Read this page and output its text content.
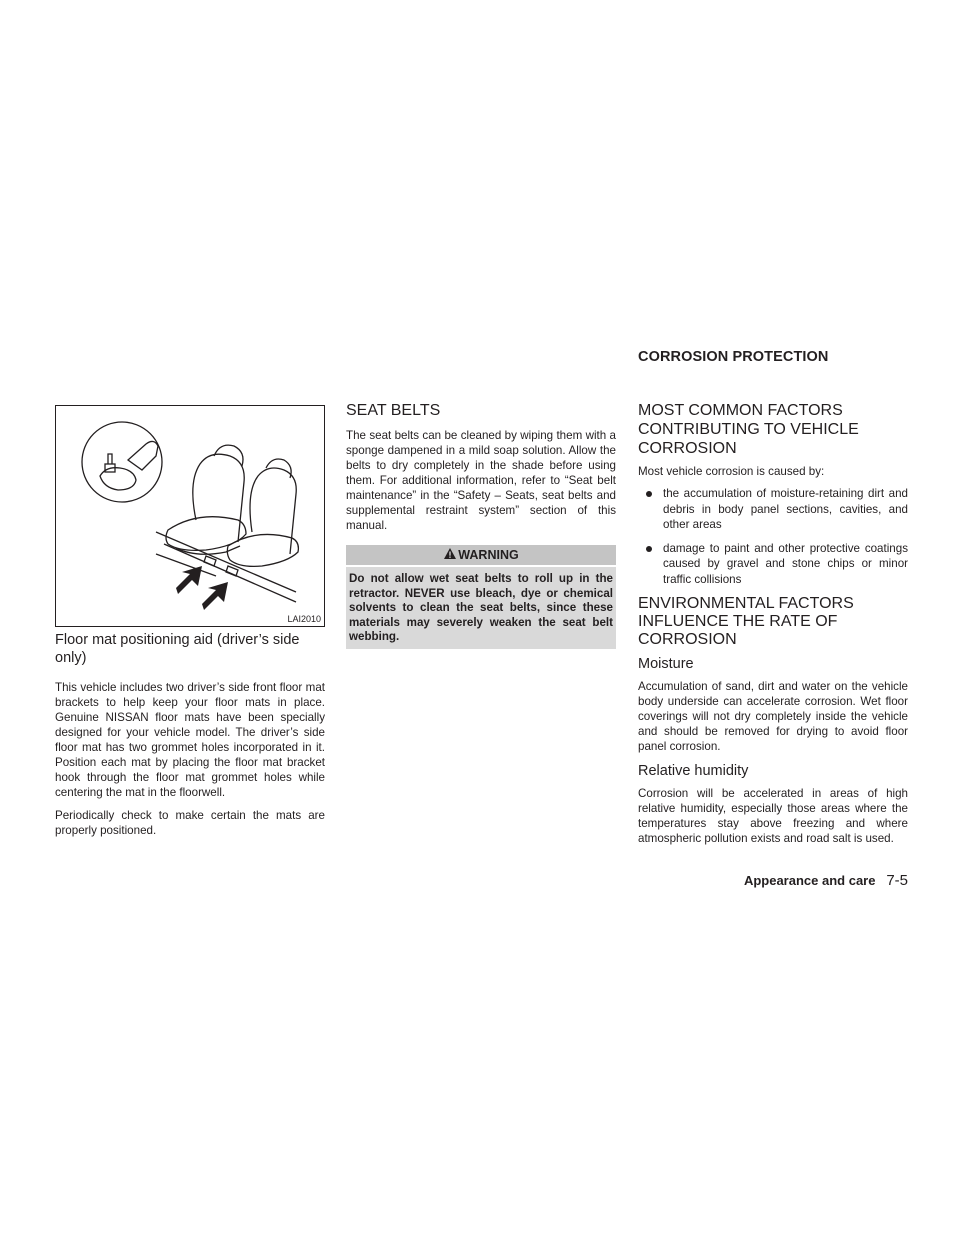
CORROSION PROTECTION
LAI2010
Floor mat positioning aid (driver’s side only)

This vehicle includes two driver’s side front floor mat brackets to help keep your floor mats in place. Genuine NISSAN floor mats have been specially designed for your vehicle model. The driver’s side floor mat has two grommet holes incorporated in it. Position each mat by placing the floor mat bracket hook through the floor mat grommet holes while centering the mat in the floorwell.

Periodically check to make certain the mats are properly positioned.

SEAT BELTS

The seat belts can be cleaned by wiping them with a sponge dampened in a mild soap solution. Allow the belts to dry completely in the shade before using them. For additional information, refer to “Seat belt maintenance” in the “Safety – Seats, seat belts and supplemental restraint system” section of this manual.

WARNING
Do not allow wet seat belts to roll up in the retractor. NEVER use bleach, dye or chemical solvents to clean the seat belts, since these materials may severely weaken the seat belt webbing.
MOST COMMON FACTORS CONTRIBUTING TO VEHICLE CORROSION

Most vehicle corrosion is caused by:

the accumulation of moisture-retaining dirt and debris in body panel sections, cavities, and other areas
damage to paint and other protective coatings caused by gravel and stone chips or minor traffic collisions
ENVIRONMENTAL FACTORS INFLUENCE THE RATE OF CORROSION
Moisture

Accumulation of sand, dirt and water on the vehicle body underside can accelerate corrosion. Wet floor coverings will not dry completely inside the vehicle and should be removed for drying to avoid floor panel corrosion.

Relative humidity

Corrosion will be accelerated in areas of high relative humidity, especially those areas where the temperatures stay above freezing and where atmospheric pollution exists and road salt is used.

Appearance and care 7-5
